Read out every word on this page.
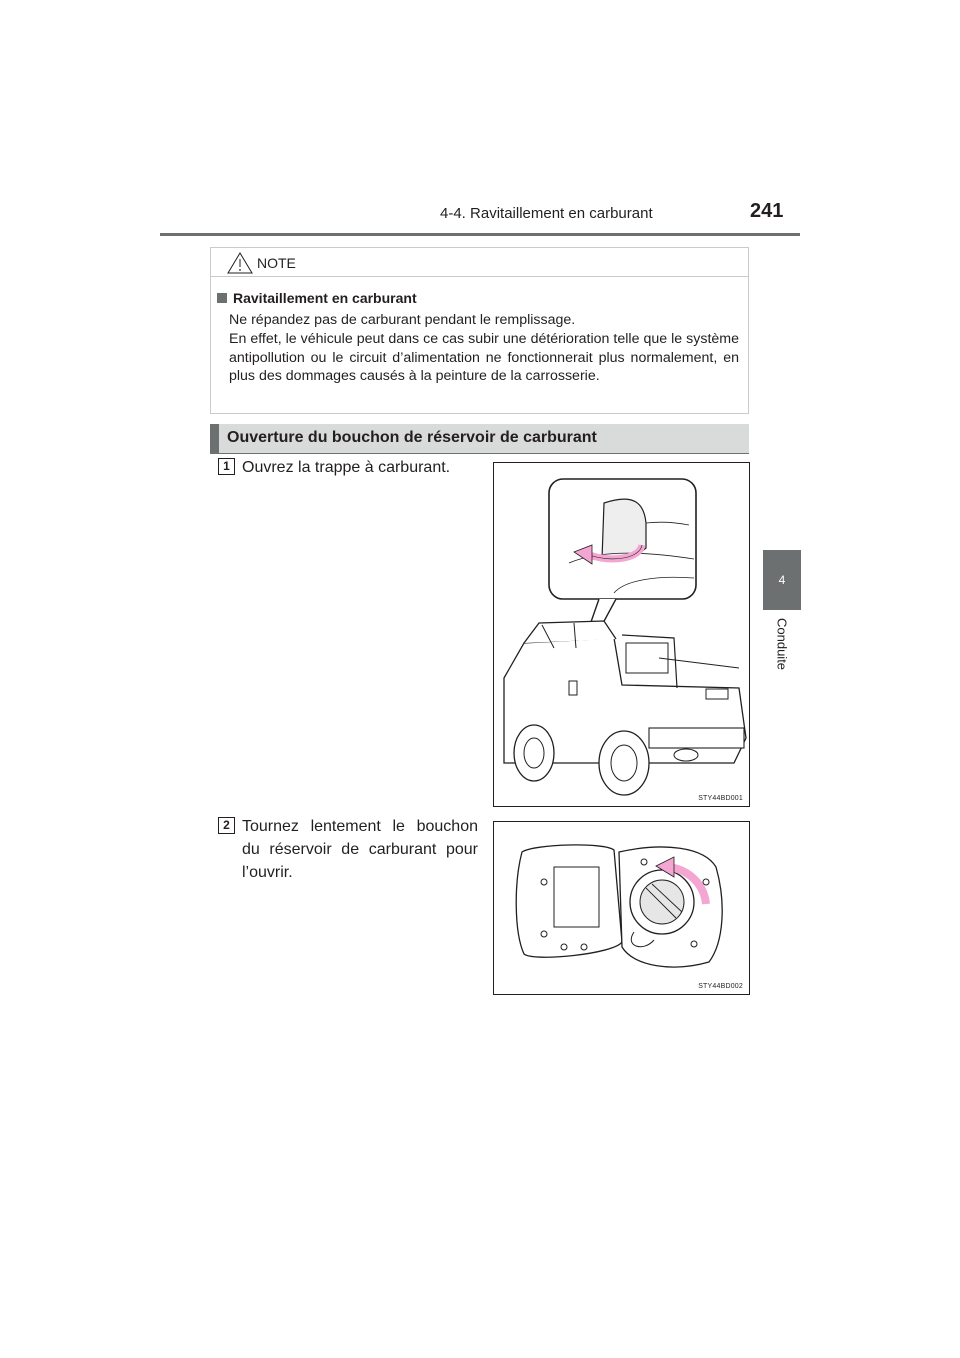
4-4. Ravitaillement en carburant	241
4
Conduite
NOTE
Ravitaillement en carburant

Ne répandez pas de carburant pendant le remplissage.

En effet, le véhicule peut dans ce cas subir une détérioration telle que le système antipollution ou le circuit d’alimentation ne fonctionnerait plus normalement, en plus des dommages causés à la peinture de la carrosserie.

Ouverture du bouchon de réservoir de carburant
1 Ouvrez la trappe à carburant.
STY44BD001
2 Tournez lentement le bouchon du réservoir de carburant pour l’ouvrir.
STY44BD002
